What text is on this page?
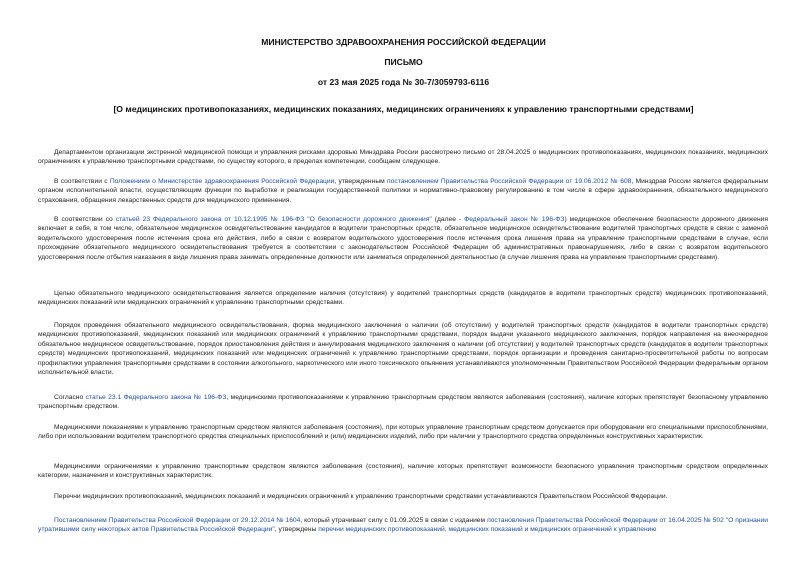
МИНИСТЕРСТВО ЗДРАВООХРАНЕНИЯ РОССИЙСКОЙ ФЕДЕРАЦИИ
ПИСЬМО
от 23 мая 2025 года № 30-7/3059793-6116
[О медицинских противопоказаниях, медицинских показаниях, медицинских ограничениях к управлению транспортными средствами]
Департаментом организации экстренной медицинской помощи и управления рисками здоровью Минздрава России рассмотрено письмо от 28.04.2025 о медицинских противопоказаниях, медицинских показаниях, медицинских ограничениях к управлению транспортными средствами, по существу которого, в пределах компетенции, сообщаем следующее.
В соответствии с Положением о Министерстве здравоохранения Российской Федерации, утвержденным постановлением Правительства Российской Федерации от 19.06.2012 № 608, Минздрав России является федеральным органом исполнительной власти, осуществляющим функции по выработке и реализации государственной политики и нормативно-правовому регулированию в том числе в сфере здравоохранения, обязательного медицинского страхования, обращения лекарственных средств для медицинского применения.
В соответствии со статьей 23 Федерального закона от 10.12.1995 № 196-ФЗ "О безопасности дорожного движения" (далее - Федеральный закон № 196-ФЗ) медицинское обеспечение безопасности дорожного движения включает в себя, в том числе, обязательное медицинское освидетельствование кандидатов в водители транспортных средств, обязательное медицинское освидетельствование водителей транспортных средств в связи с заменой водительского удостоверения после истечения срока его действия, либо в связи с возвратом водительского удостоверения после истечения срока лишения права на управление транспортными средствами в случае, если прохождение обязательного медицинского освидетельствования требуется в соответствии с законодательством Российской Федерации об административных правонарушениях, либо в связи с возвратом водительского удостоверения после отбытия наказания в виде лишения права занимать определенные должности или заниматься определенной деятельностью (в случае лишения права на управление транспортными средствами).
Целью обязательного медицинского освидетельствования является определение наличия (отсутствия) у водителей транспортных средств (кандидатов в водители транспортных средств) медицинских противопоказаний, медицинских показаний или медицинских ограничений к управлению транспортными средствами.
Порядок проведения обязательного медицинского освидетельствования, форма медицинского заключения о наличии (об отсутствии) у водителей транспортных средств (кандидатов в водители транспортных средств) медицинских противопоказаний, медицинских показаний или медицинских ограничений к управлению транспортными средствами, порядок выдачи указанного медицинского заключения, порядок направления на внеочередное обязательное медицинское освидетельствование, порядок приостановления действия и аннулирования медицинского заключения о наличии (об отсутствии) у водителей транспортных средств (кандидатов в водители транспортных средств) медицинских противопоказаний, медицинских показаний или медицинских ограничений к управлению транспортными средствами, порядок организации и проведения санитарно-просветительной работы по вопросам профилактики управления транспортными средствами в состоянии алкогольного, наркотического или иного токсического опьянения устанавливаются уполномоченным Правительством Российской Федерации федеральным органом исполнительной власти.
Согласно статье 23.1 Федерального закона № 196-ФЗ, медицинскими противопоказаниями к управлению транспортным средством являются заболевания (состояния), наличие которых препятствует безопасному управлению транспортным средством.
Медицинскими показаниями к управлению транспортным средством являются заболевания (состояния), при которых управление транспортным средством допускается при оборудовании его специальными приспособлениями, либо при использовании водителем транспортного средства специальных приспособлений и (или) медицинских изделий, либо при наличии у транспортного средства определенных конструктивных характеристик.
Медицинскими ограничениями к управлению транспортным средством являются заболевания (состояния), наличие которых препятствует возможности безопасного управления транспортным средством определенных категории, назначения и конструктивных характеристик.
Перечни медицинских противопоказаний, медицинских показаний и медицинских ограничений к управлению транспортными средствами устанавливаются Правительством Российской Федерации.
Постановлением Правительства Российской Федерации от 29.12.2014 № 1604, который утрачивает силу с 01.09.2025 в связи с изданием постановления Правительства Российской Федерации от 16.04.2025 № 502 "О признании утратившими силу некоторых актов Правительства Российской Федерации", утверждены перечни медицинских противопоказаний, медицинских показаний и медицинских ограничений к управлению
